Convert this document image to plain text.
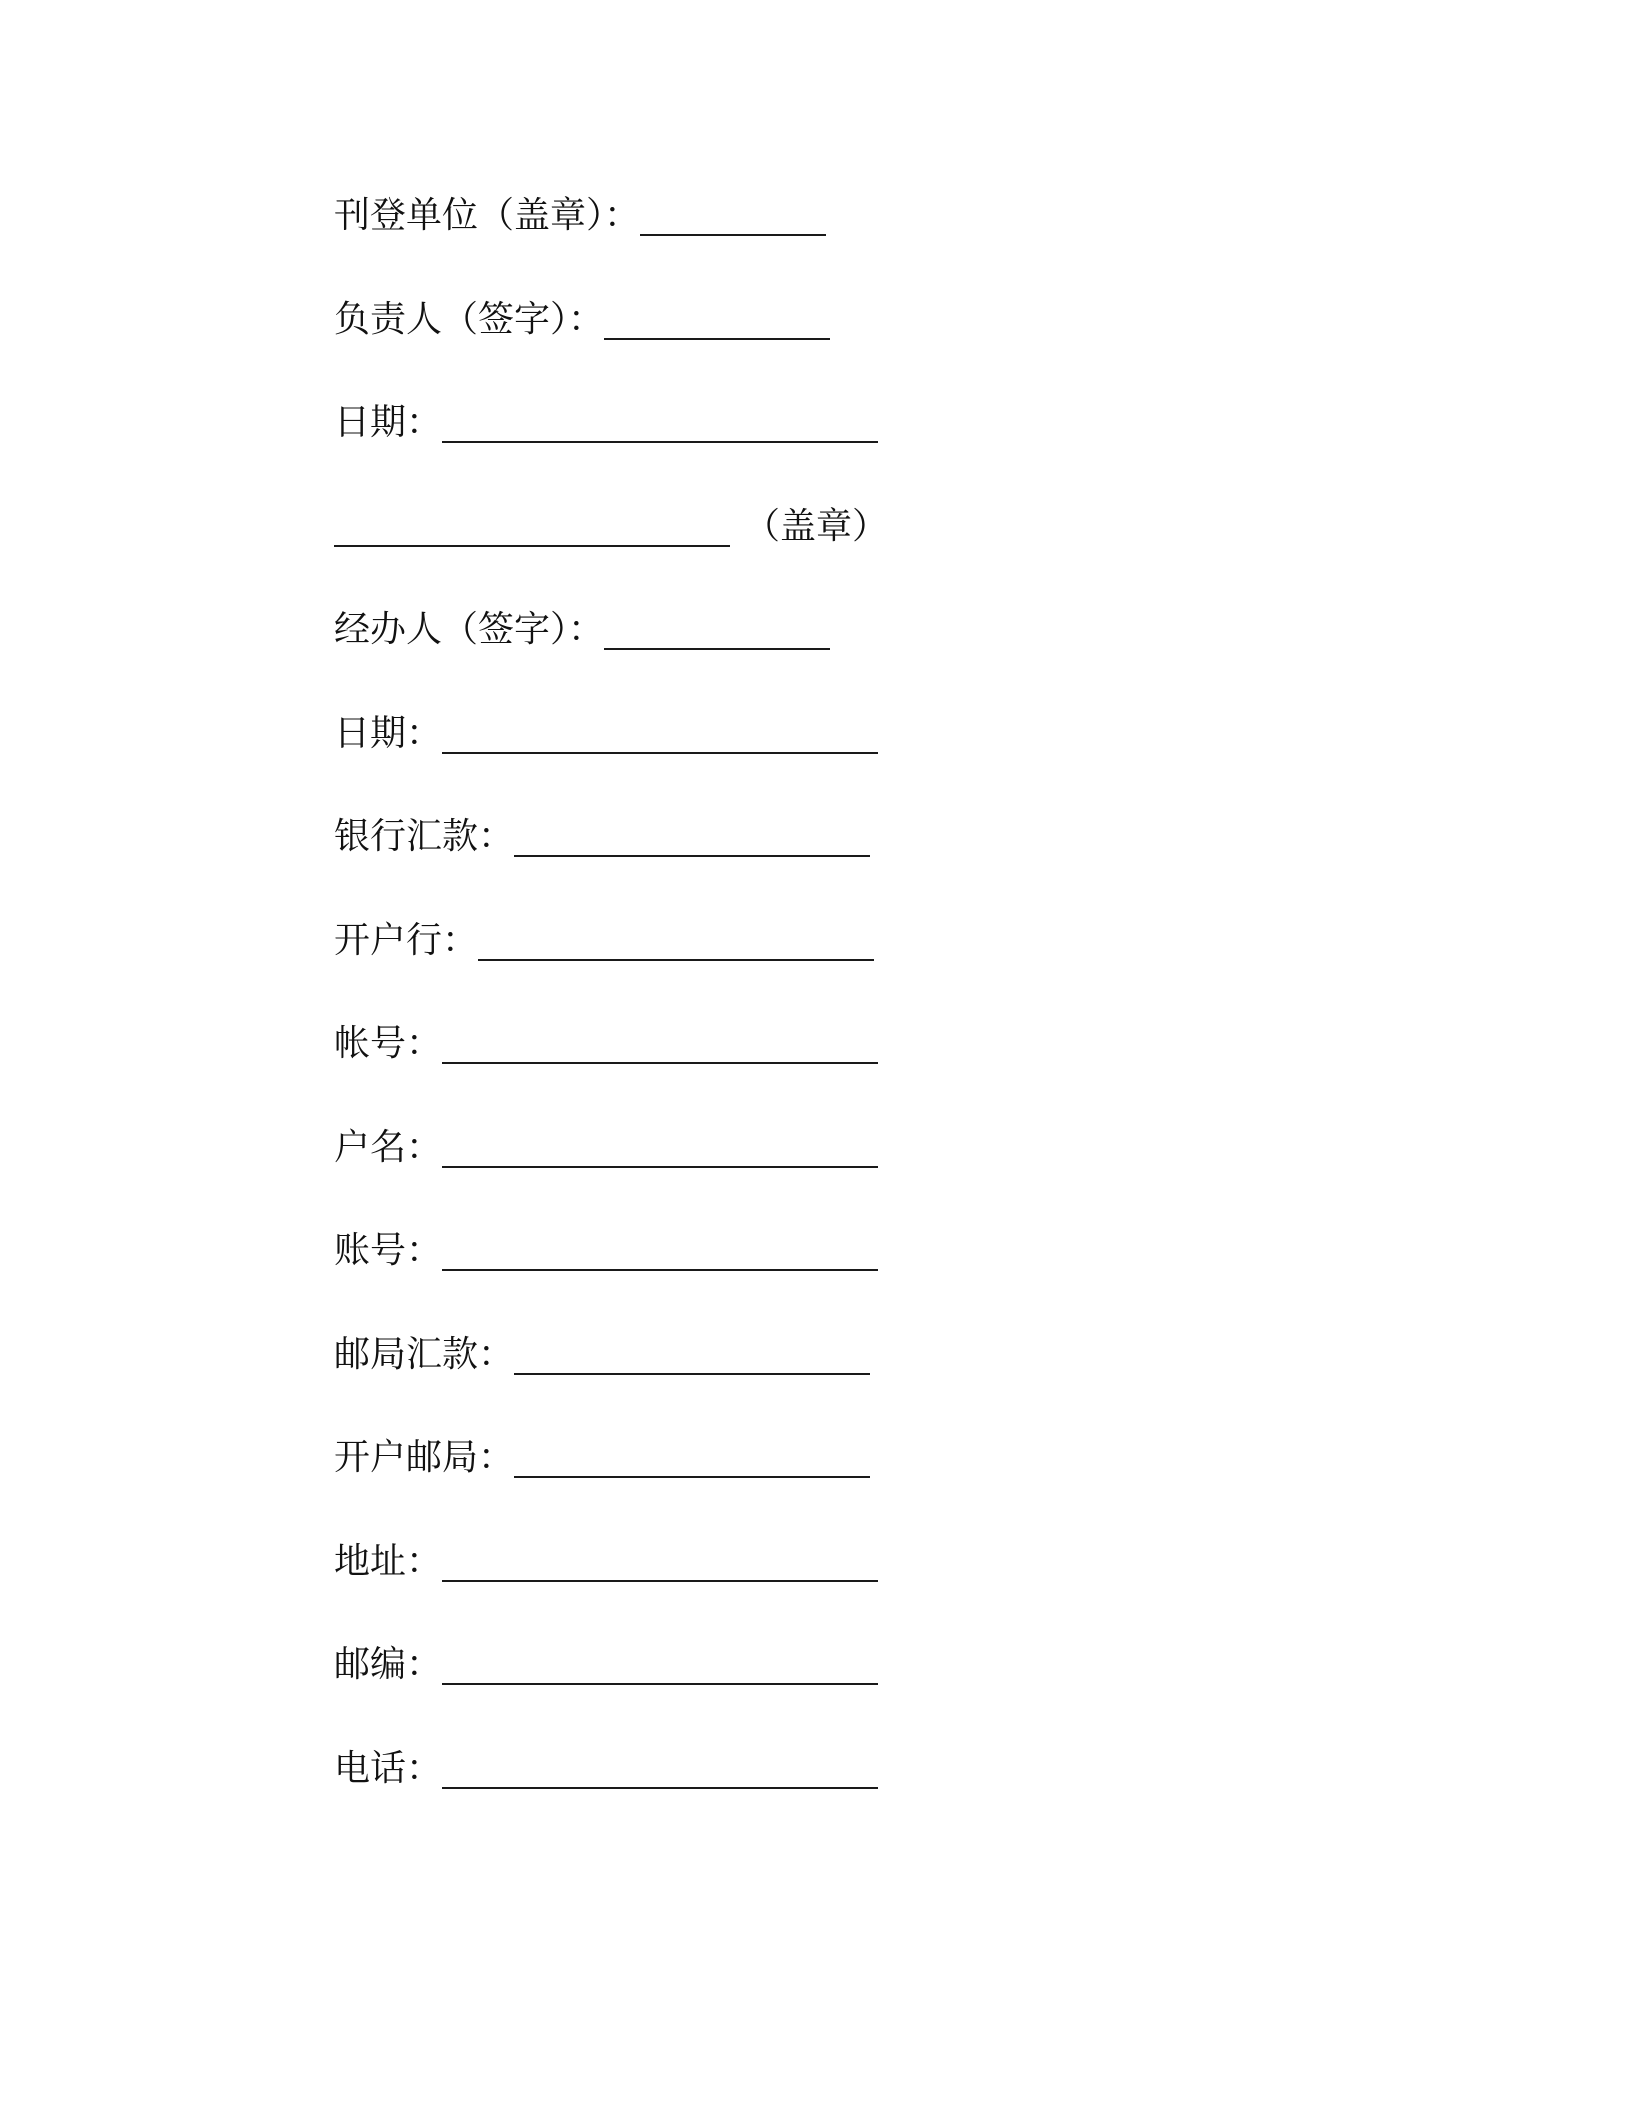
刊登单位（盖章）：
负责人（签字）：
日期：
（盖章）
经办人（签字）：
日期：
银行汇款：
开户行：
帐号：
户名：
账号：
邮局汇款：
开户邮局：
地址：
邮编：
电话：
